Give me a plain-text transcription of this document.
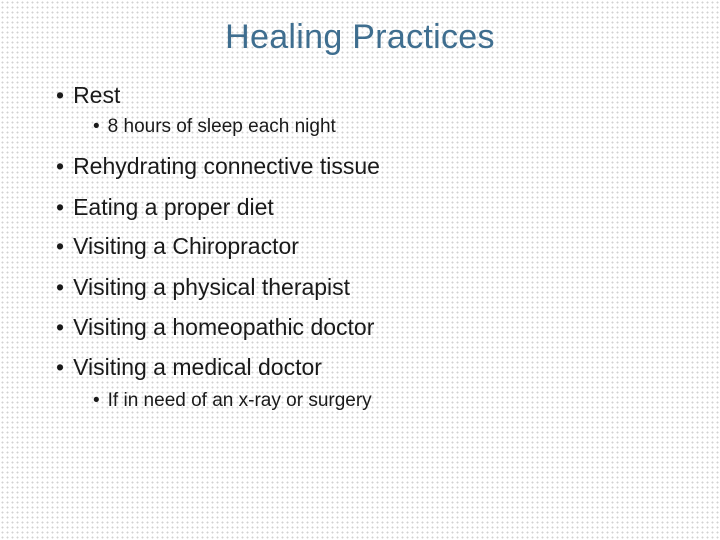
Healing Practices
• Rest
• 8 hours of sleep each night
• Rehydrating connective tissue
• Eating a proper diet
• Visiting a Chiropractor
• Visiting a physical therapist
• Visiting a homeopathic doctor
• Visiting a medical doctor
• If in need of an x-ray or surgery
